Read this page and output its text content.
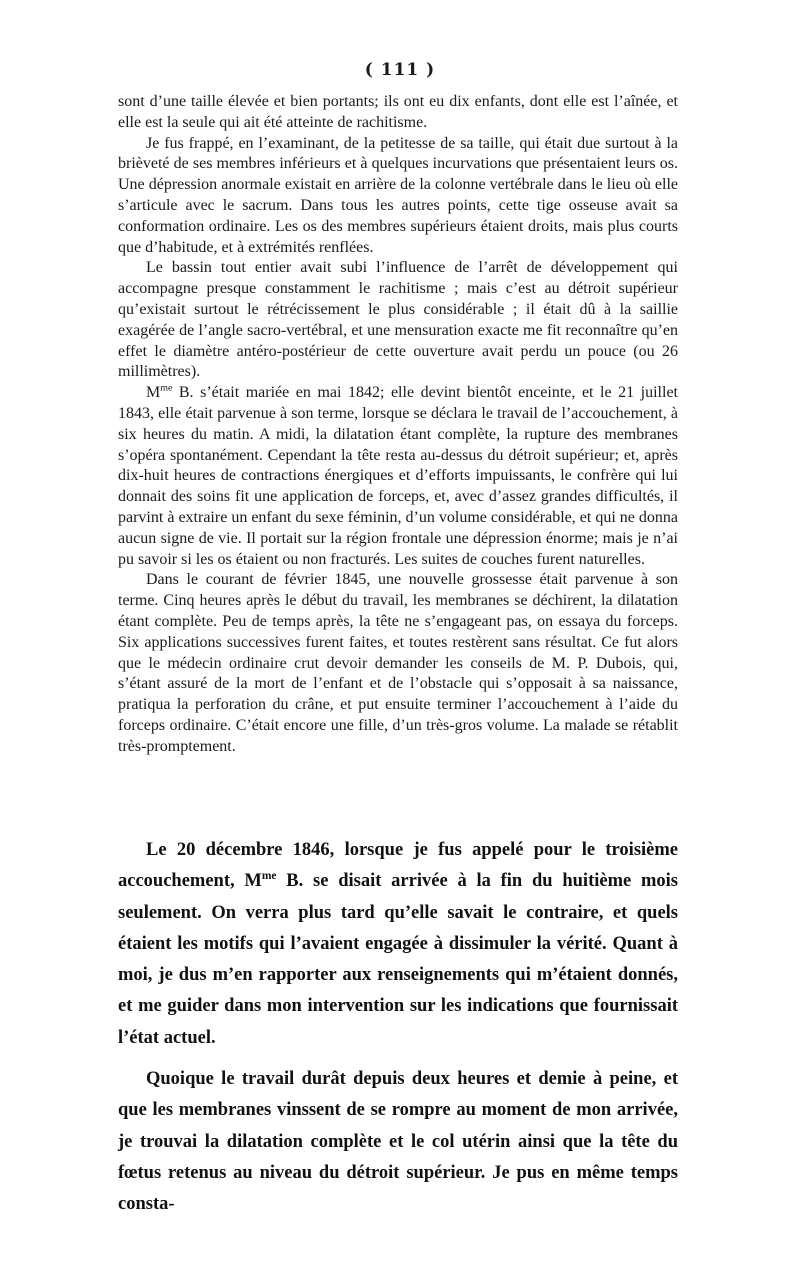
( 111 )

sont d’une taille élevée et bien portants; ils ont eu dix enfants, dont elle est l’aînée, et elle est la seule qui ait été atteinte de rachitisme.

Je fus frappé, en l’examinant, de la petitesse de sa taille, qui était due surtout à la brièveté de ses membres inférieurs et à quelques incurvations que présentaient leurs os. Une dépression anormale existait en arrière de la colonne vertébrale dans le lieu où elle s’articule avec le sacrum. Dans tous les autres points, cette tige osseuse avait sa conformation ordinaire. Les os des membres supérieurs étaient droits, mais plus courts que d’habitude, et à extrémités renflées.

Le bassin tout entier avait subi l’influence de l’arrêt de développement qui accompagne presque constamment le rachitisme ; mais c’est au détroit supérieur qu’existait surtout le rétrécissement le plus considérable ; il était dû à la saillie exagérée de l’angle sacro-vertébral, et une mensuration exacte me fit reconnaître qu’en effet le diamètre antéro-postérieur de cette ouverture avait perdu un pouce (ou 26 millimètres).

$M^{me}$ B. s’était mariée en mai 1842; elle devint bientôt enceinte, et le 21 juillet 1843, elle était parvenue à son terme, lorsque se déclara le travail de l’accouchement, à six heures du matin. A midi, la dilatation étant complète, la rupture des membranes s’opéra spontanément. Cependant la tête resta au-dessus du détroit supérieur; et, après dix-huit heures de contractions énergiques et d’efforts impuissants, le confrère qui lui donnait des soins fit une application de forceps, et, avec d’assez grandes difficultés, il parvint à extraire un enfant du sexe féminin, d’un volume considérable, et qui ne donna aucun signe de vie. Il portait sur la région frontale une dépression énorme; mais je n’ai pu savoir si les os étaient ou non fracturés. Les suites de couches furent naturelles.

Dans le courant de février 1845, une nouvelle grossesse était parvenue à son terme. Cinq heures après le début du travail, les membranes se déchirent, la dilatation étant complète. Peu de temps après, la tête ne s’engageant pas, on essaya du forceps. Six applications successives furent faites, et toutes restèrent sans résultat. Ce fut alors que le médecin ordinaire crut devoir demander les conseils de M. P. Dubois, qui, s’étant assuré de la mort de l’enfant et de l’obstacle qui s’opposait à sa naissance, pratiqua la perforation du crâne, et put ensuite terminer l’accouchement à l’aide du forceps ordinaire. C’était encore une fille, d’un très-gros volume. La malade se rétablit très-promptement.

Le 20 décembre 1846, lorsque je fus appelé pour le troisième accouchement, $M^{me}$ B. se disait arrivée à la fin du huitième mois seulement. On verra plus tard qu’elle savait le contraire, et quels étaient les motifs qui l’avaient engagée à dissimuler la vérité. Quant à moi, je dus m’en rapporter aux renseignements qui m’étaient donnés, et me guider dans mon intervention sur les indications que fournissait l’état actuel.

Quoique le travail durât depuis deux heures et demie à peine, et que les membranes vinssent de se rompre au moment de mon arrivée, je trouvai la dilatation complète et le col utérin ainsi que la tête du fœtus retenus au niveau du détroit supérieur. Je pus en même temps consta-
